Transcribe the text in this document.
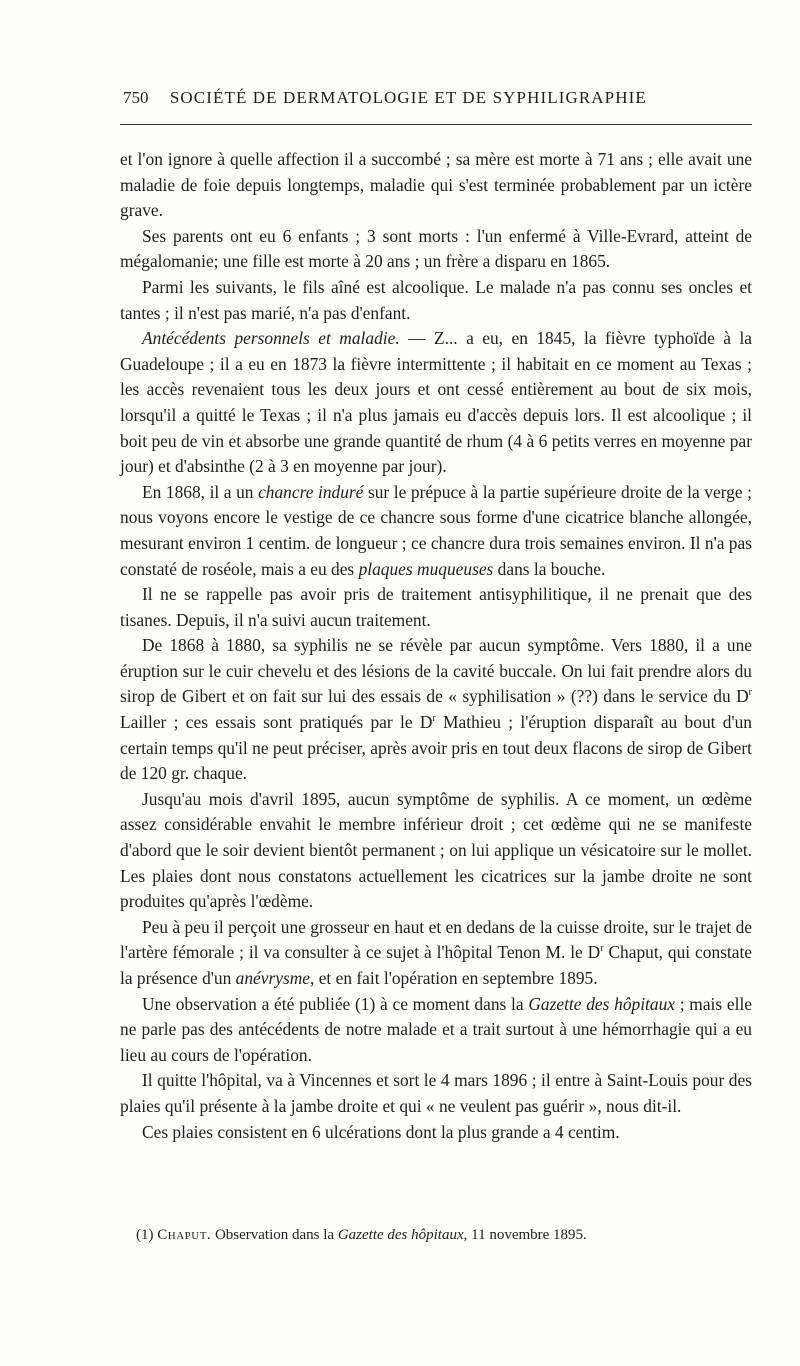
750 SOCIÉTÉ DE DERMATOLOGIE ET DE SYPHILIGRAPHIE

et l'on ignore à quelle affection il a succombé ; sa mère est morte à 71 ans ; elle avait une maladie de foie depuis longtemps, maladie qui s'est terminée probablement par un ictère grave.

Ses parents ont eu 6 enfants ; 3 sont morts : l'un enfermé à Ville-Evrard, atteint de mégalomanie; une fille est morte à 20 ans ; un frère a disparu en 1865.

Parmi les suivants, le fils aîné est alcoolique. Le malade n'a pas connu ses oncles et tantes ; il n'est pas marié, n'a pas d'enfant.

Antécédents personnels et maladie. — Z... a eu, en 1845, la fièvre typhoïde à la Guadeloupe ; il a eu en 1873 la fièvre intermittente ; il habitait en ce moment au Texas ; les accès revenaient tous les deux jours et ont cessé entièrement au bout de six mois, lorsqu'il a quitté le Texas ; il n'a plus jamais eu d'accès depuis lors. Il est alcoolique ; il boit peu de vin et absorbe une grande quantité de rhum (4 à 6 petits verres en moyenne par jour) et d'absinthe (2 à 3 en moyenne par jour).

En 1868, il a un chancre induré sur le prépuce à la partie supérieure droite de la verge ; nous voyons encore le vestige de ce chancre sous forme d'une cicatrice blanche allongée, mesurant environ 1 centim. de longueur ; ce chancre dura trois semaines environ. Il n'a pas constaté de roséole, mais a eu des plaques muqueuses dans la bouche.

Il ne se rappelle pas avoir pris de traitement antisyphilitique, il ne prenait que des tisanes. Depuis, il n'a suivi aucun traitement.

De 1868 à 1880, sa syphilis ne se révèle par aucun symptôme. Vers 1880, il a une éruption sur le cuir chevelu et des lésions de la cavité buccale. On lui fait prendre alors du sirop de Gibert et on fait sur lui des essais de « syphilisation » (??) dans le service du $D^r$ Lailler ; ces essais sont pratiqués par le $D^r$ Mathieu ; l'éruption disparaît au bout d'un certain temps qu'il ne peut préciser, après avoir pris en tout deux flacons de sirop de Gibert de 120 gr. chaque.

Jusqu'au mois d'avril 1895, aucun symptôme de syphilis. A ce moment, un œdème assez considérable envahit le membre inférieur droit ; cet œdème qui ne se manifeste d'abord que le soir devient bientôt permanent ; on lui applique un vésicatoire sur le mollet. Les plaies dont nous constatons actuellement les cicatrices sur la jambe droite ne sont produites qu'après l'œdème.

Peu à peu il perçoit une grosseur en haut et en dedans de la cuisse droite, sur le trajet de l'artère fémorale ; il va consulter à ce sujet à l'hôpital Tenon M. le $D^r$ Chaput, qui constate la présence d'un anévrysme, et en fait l'opération en septembre 1895.

Une observation a été publiée (1) à ce moment dans la Gazette des hôpitaux ; mais elle ne parle pas des antécédents de notre malade et a trait surtout à une hémorrhagie qui a eu lieu au cours de l'opération.

Il quitte l'hôpital, va à Vincennes et sort le 4 mars 1896 ; il entre à Saint-Louis pour des plaies qu'il présente à la jambe droite et qui « ne veulent pas guérir », nous dit-il.

Ces plaies consistent en 6 ulcérations dont la plus grande a 4 centim.

(1) Chaput. Observation dans la Gazette des hôpitaux, 11 novembre 1895.
